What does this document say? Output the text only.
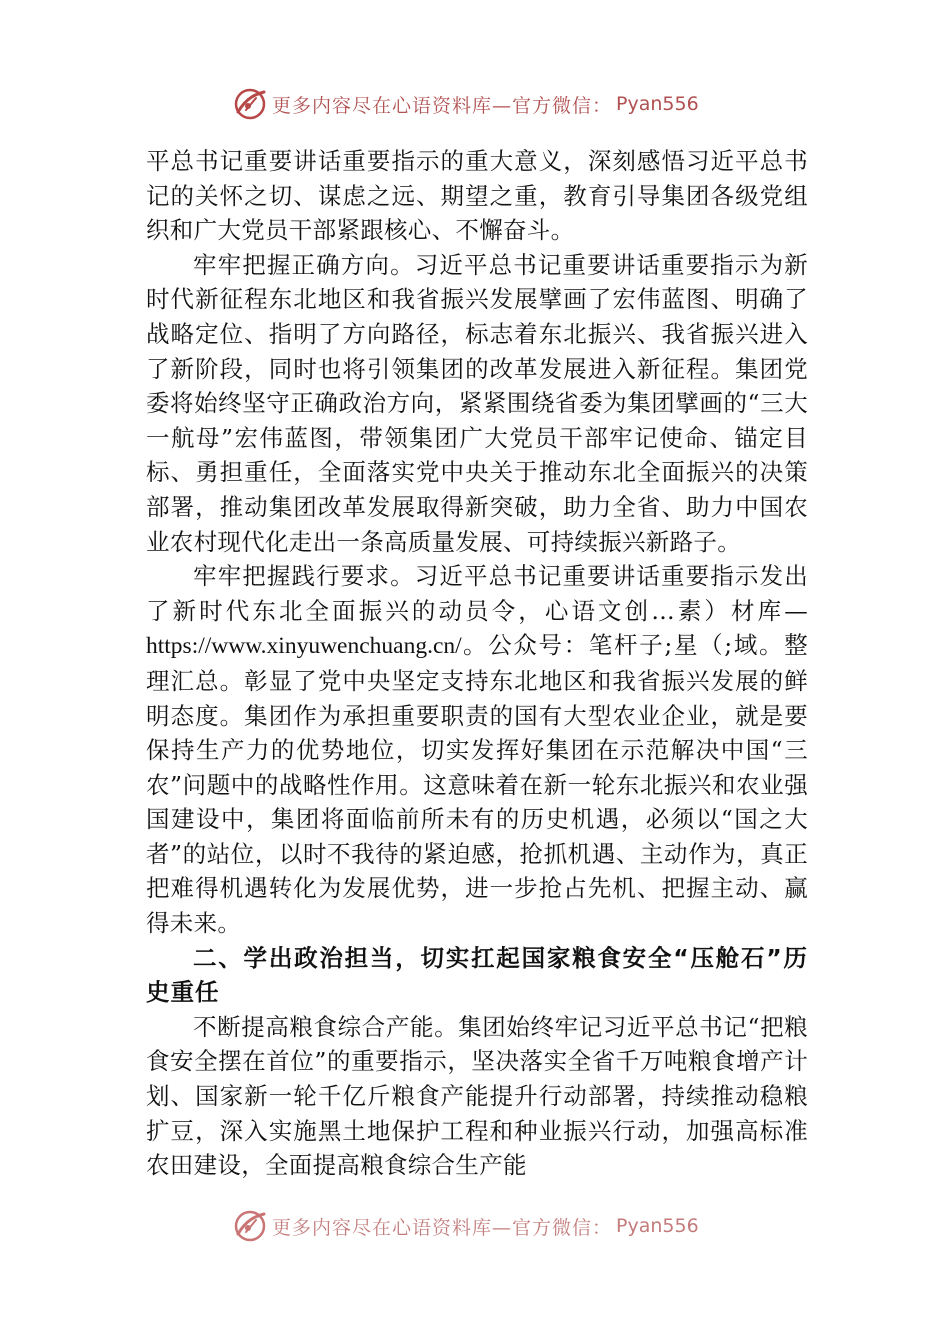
更多内容尽在心语资料库—官方微信： Pyan556

平总书记重要讲话重要指示的重大意义，深刻感悟习近平总书记的关怀之切、谋虑之远、期望之重，教育引导集团各级党组织和广大党员干部紧跟核心、不懈奋斗。

牢牢把握正确方向。习近平总书记重要讲话重要指示为新时代新征程东北地区和我省振兴发展擘画了宏伟蓝图、明确了战略定位、指明了方向路径，标志着东北振兴、我省振兴进入了新阶段，同时也将引领集团的改革发展进入新征程。集团党委将始终坚守正确政治方向，紧紧围绕省委为集团擘画的“三大一航母”宏伟蓝图，带领集团广大党员干部牢记使命、锚定目标、勇担重任，全面落实党中央关于推动东北全面振兴的决策部署，推动集团改革发展取得新突破，助力全省、助力中国农业农村现代化走出一条高质量发展、可持续振兴新路子。

牢牢把握践行要求。习近平总书记重要讲话重要指示发出了新时代东北全面振兴的动员令，心语文创…素）材库—https://www.xinyuwenchuang.cn/。公众号：笔杆子;星（;域。整理汇总。彰显了党中央坚定支持东北地区和我省振兴发展的鲜明态度。集团作为承担重要职责的国有大型农业企业，就是要保持生产力的优势地位，切实发挥好集团在示范解决中国“三农”问题中的战略性作用。这意味着在新一轮东北振兴和农业强国建设中，集团将面临前所未有的历史机遇，必须以“国之大者”的站位，以时不我待的紧迫感，抢抓机遇、主动作为，真正把难得机遇转化为发展优势，进一步抢占先机、把握主动、赢得未来。

二、学出政治担当，切实扛起国家粮食安全“压舱石”历史重任

不断提高粮食综合产能。集团始终牢记习近平总书记“把粮食安全摆在首位”的重要指示，坚决落实全省千万吨粮食增产计划、国家新一轮千亿斤粮食产能提升行动部署，持续推动稳粮扩豆，深入实施黑土地保护工程和种业振兴行动，加强高标准农田建设，全面提高粮食综合生产能

更多内容尽在心语资料库—官方微信： Pyan556
